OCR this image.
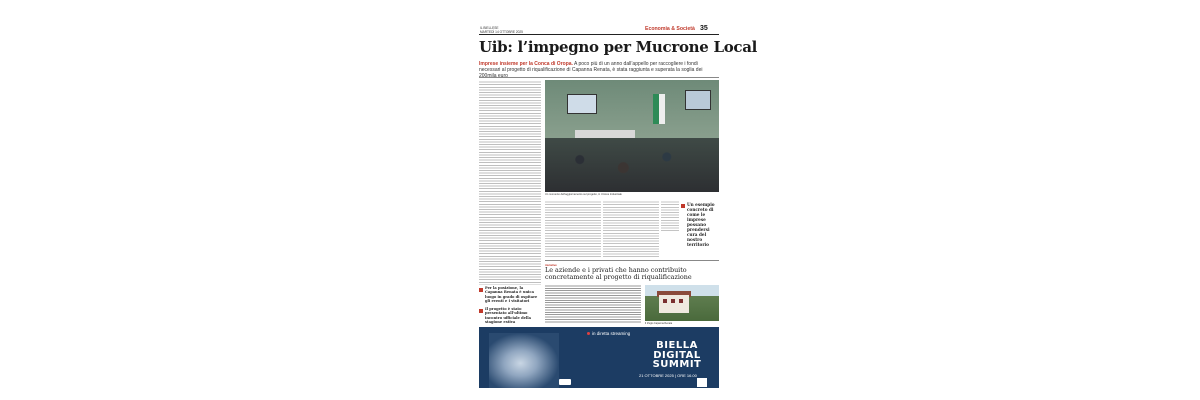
IL BIELLESE
MARTEDÌ 14 OTTOBRE 2025	Economia & Società 35
Uib: l’impegno per Mucrone Local
Imprese insieme per la Conca di Oropa. A poco più di un anno dall’appello per raccogliere i fondi necessari al progetto di riqualificazione di Capanna Renata, è stata raggiunta e superata la soglia dei 200mila euro
Un momento dell’aggiornamento sul progetto, in Unione Industriale
Un esempio concreto di come le imprese possano prendersi cura del nostro territorio
Per la posizione, la Capanna Renata è unica luogo in grado di ospitare gli eventi e i visitatori
Il progetto è stato presentato all’ultimo incontro ufficiale della stagione estiva
iniziative
Le aziende e i privati che hanno contribuito concretamente al progetto di riqualificazione
Il rifugio Capanna Renata
in diretta streaming
BIELLA
DIGITAL
SUMMIT
21 OTTOBRE 2025 | ORE 16.00
